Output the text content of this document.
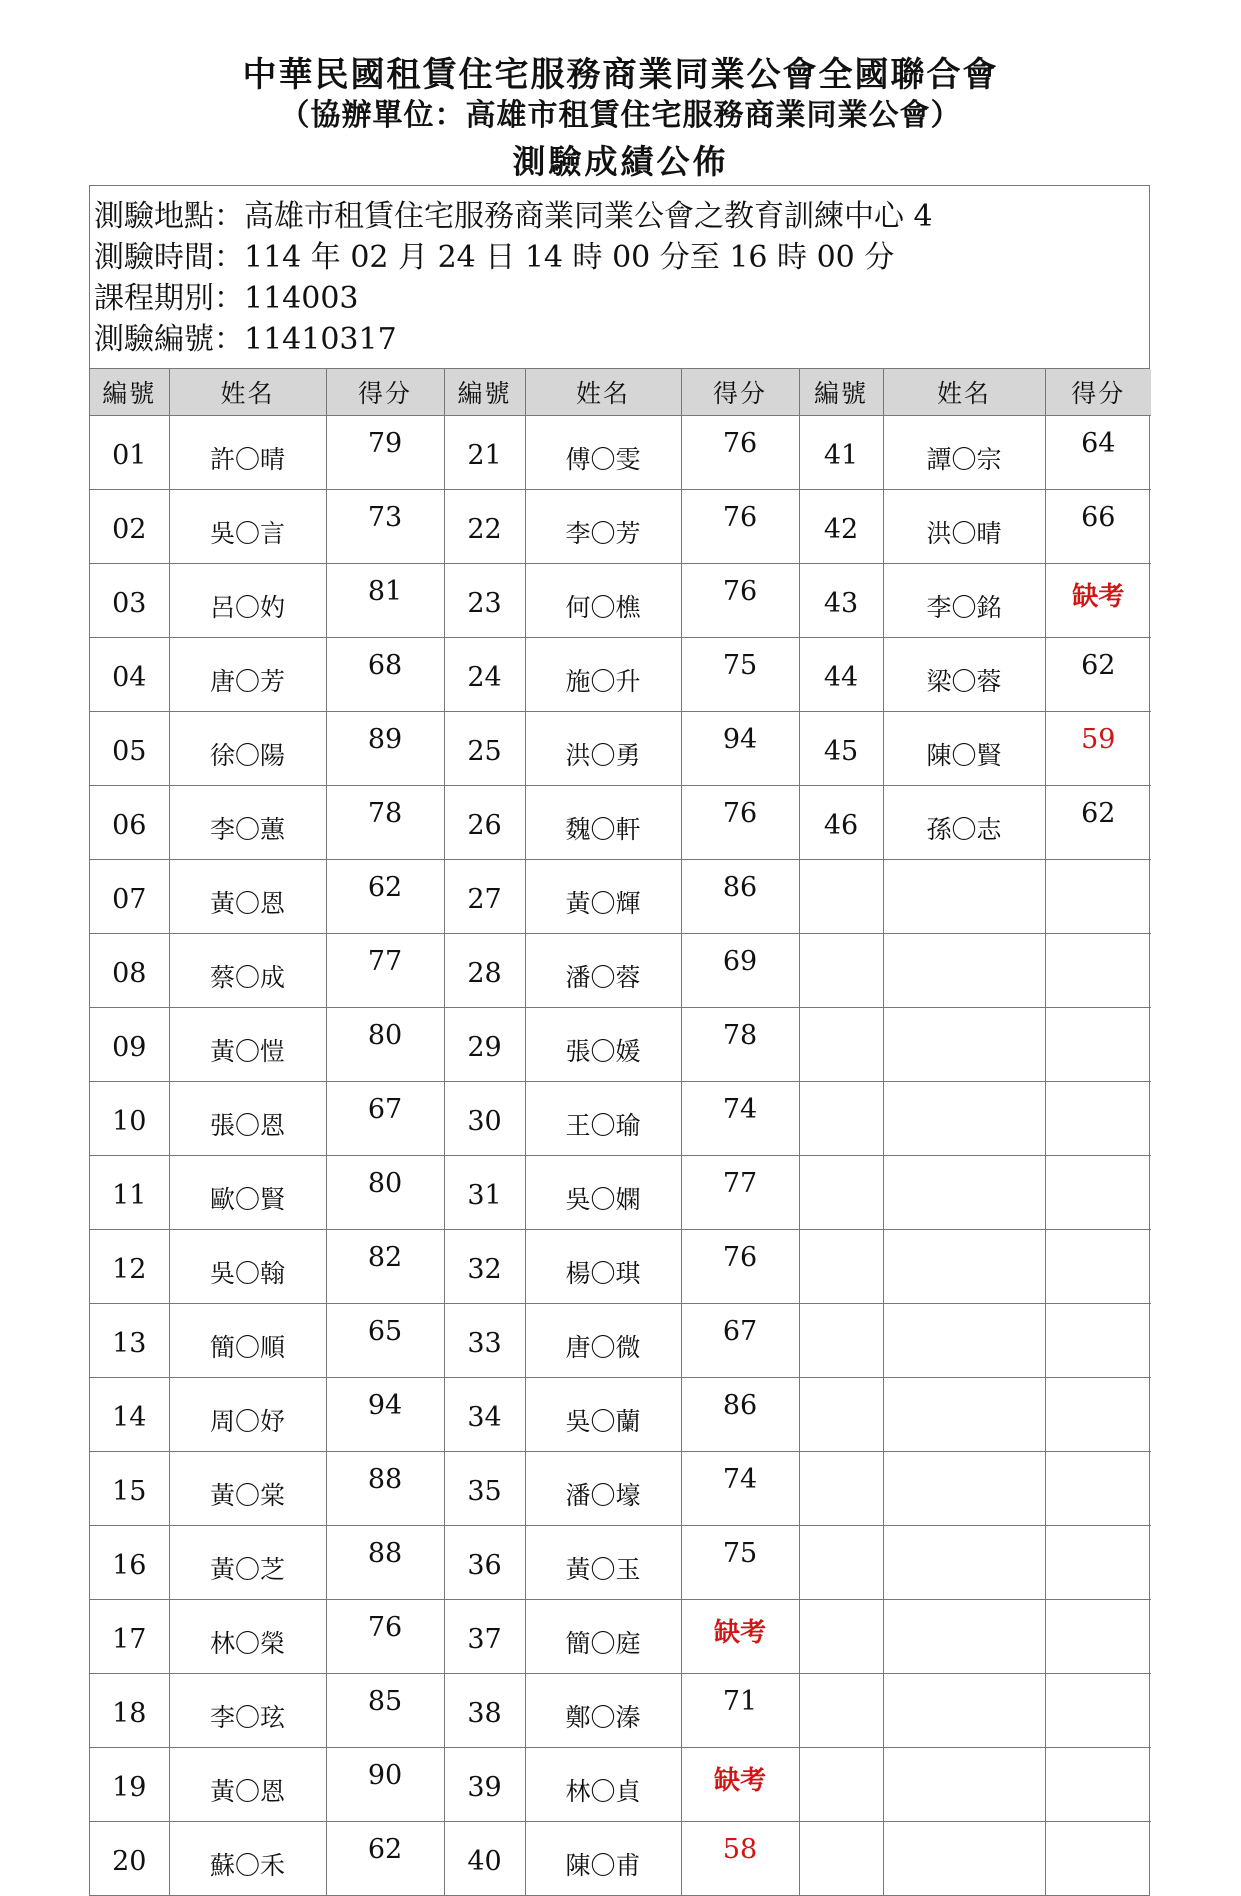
中華民國租賃住宅服務商業同業公會全國聯合會
（協辦單位：高雄市租賃住宅服務商業同業公會）
測驗成績公佈
測驗地點：高雄市租賃住宅服務商業同業公會之教育訓練中心 4
測驗時間：114 年 02 月 24 日 14 時 00 分至 16 時 00 分
課程期別：114003
測驗編號：11410317
編號	姓名	得分	編號	姓名	得分	編號	姓名	得分
01	許〇晴	79	21	傅〇雯	76	41	譚〇宗	64
02	吳〇言	73	22	李〇芳	76	42	洪〇晴	66
03	呂〇妁	81	23	何〇樵	76	43	李〇銘	缺考
04	唐〇芳	68	24	施〇升	75	44	梁〇蓉	62
05	徐〇陽	89	25	洪〇勇	94	45	陳〇賢	59
06	李〇蕙	78	26	魏〇軒	76	46	孫〇志	62
07	黃〇恩	62	27	黃〇輝	86			
08	蔡〇成	77	28	潘〇蓉	69			
09	黃〇愷	80	29	張〇媛	78			
10	張〇恩	67	30	王〇瑜	74			
11	歐〇賢	80	31	吳〇嫻	77			
12	吳〇翰	82	32	楊〇琪	76			
13	簡〇順	65	33	唐〇微	67			
14	周〇妤	94	34	吳〇蘭	86			
15	黃〇棠	88	35	潘〇壕	74			
16	黃〇芝	88	36	黃〇玉	75			
17	林〇榮	76	37	簡〇庭	缺考			
18	李〇玹	85	38	鄭〇溱	71			
19	黃〇恩	90	39	林〇貞	缺考			
20	蘇〇禾	62	40	陳〇甫	58			
